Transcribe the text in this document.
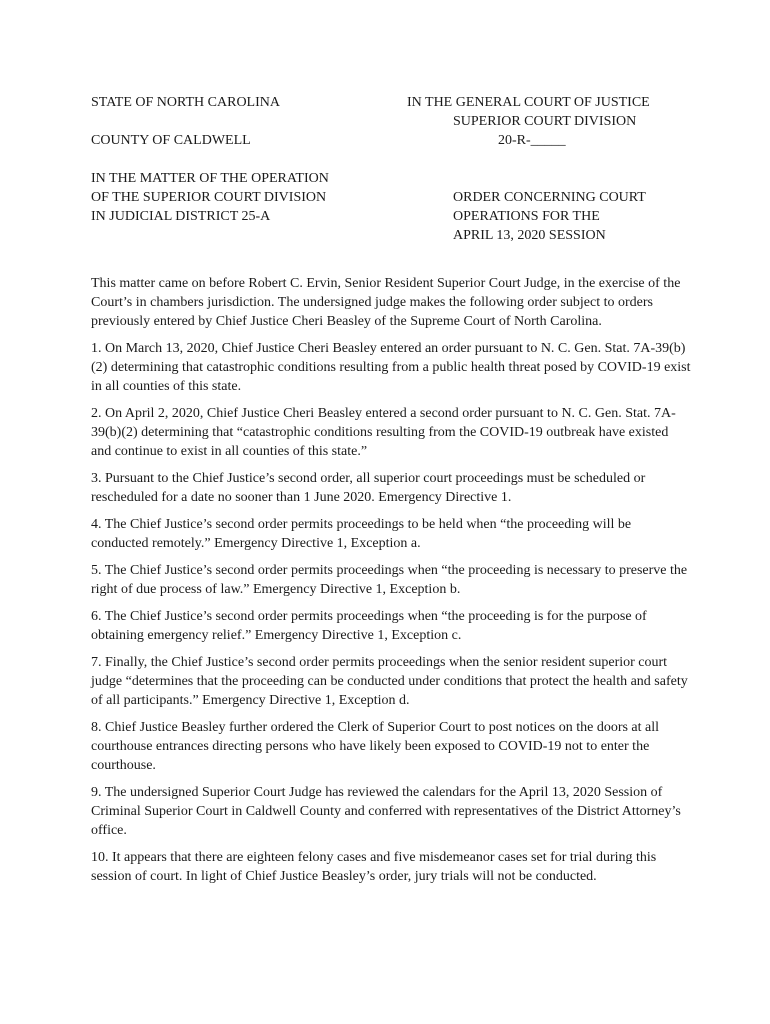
STATE OF NORTH CAROLINA
COUNTY OF CALDWELL
IN THE GENERAL COURT OF JUSTICE
SUPERIOR COURT DIVISION
20-R-_____
IN THE MATTER OF THE OPERATION
OF THE SUPERIOR COURT DIVISION
IN JUDICIAL DISTRICT 25-A
ORDER CONCERNING COURT
OPERATIONS FOR THE
APRIL 13, 2020 SESSION

This matter came on before Robert C. Ervin, Senior Resident Superior Court Judge, in the exercise of the Court’s in chambers jurisdiction. The undersigned judge makes the following order subject to orders previously entered by Chief Justice Cheri Beasley of the Supreme Court of North Carolina.

1. On March 13, 2020, Chief Justice Cheri Beasley entered an order pursuant to N. C. Gen. Stat. 7A-39(b)(2) determining that catastrophic conditions resulting from a public health threat posed by COVID-19 exist in all counties of this state.

2. On April 2, 2020, Chief Justice Cheri Beasley entered a second order pursuant to N. C. Gen. Stat. 7A-39(b)(2) determining that “catastrophic conditions resulting from the COVID-19 outbreak have existed and continue to exist in all counties of this state.”

3. Pursuant to the Chief Justice’s second order, all superior court proceedings must be scheduled or rescheduled for a date no sooner than 1 June 2020. Emergency Directive 1.

4. The Chief Justice’s second order permits proceedings to be held when “the proceeding will be conducted remotely.” Emergency Directive 1, Exception a.

5. The Chief Justice’s second order permits proceedings when “the proceeding is necessary to preserve the right of due process of law.” Emergency Directive 1, Exception b.

6. The Chief Justice’s second order permits proceedings when “the proceeding is for the purpose of obtaining emergency relief.” Emergency Directive 1, Exception c.

7. Finally, the Chief Justice’s second order permits proceedings when the senior resident superior court judge “determines that the proceeding can be conducted under conditions that protect the health and safety of all participants.” Emergency Directive 1, Exception d.

8. Chief Justice Beasley further ordered the Clerk of Superior Court to post notices on the doors at all courthouse entrances directing persons who have likely been exposed to COVID-19 not to enter the courthouse.

9. The undersigned Superior Court Judge has reviewed the calendars for the April 13, 2020 Session of Criminal Superior Court in Caldwell County and conferred with representatives of the District Attorney’s office.

10. It appears that there are eighteen felony cases and five misdemeanor cases set for trial during this session of court. In light of Chief Justice Beasley’s order, jury trials will not be conducted.
